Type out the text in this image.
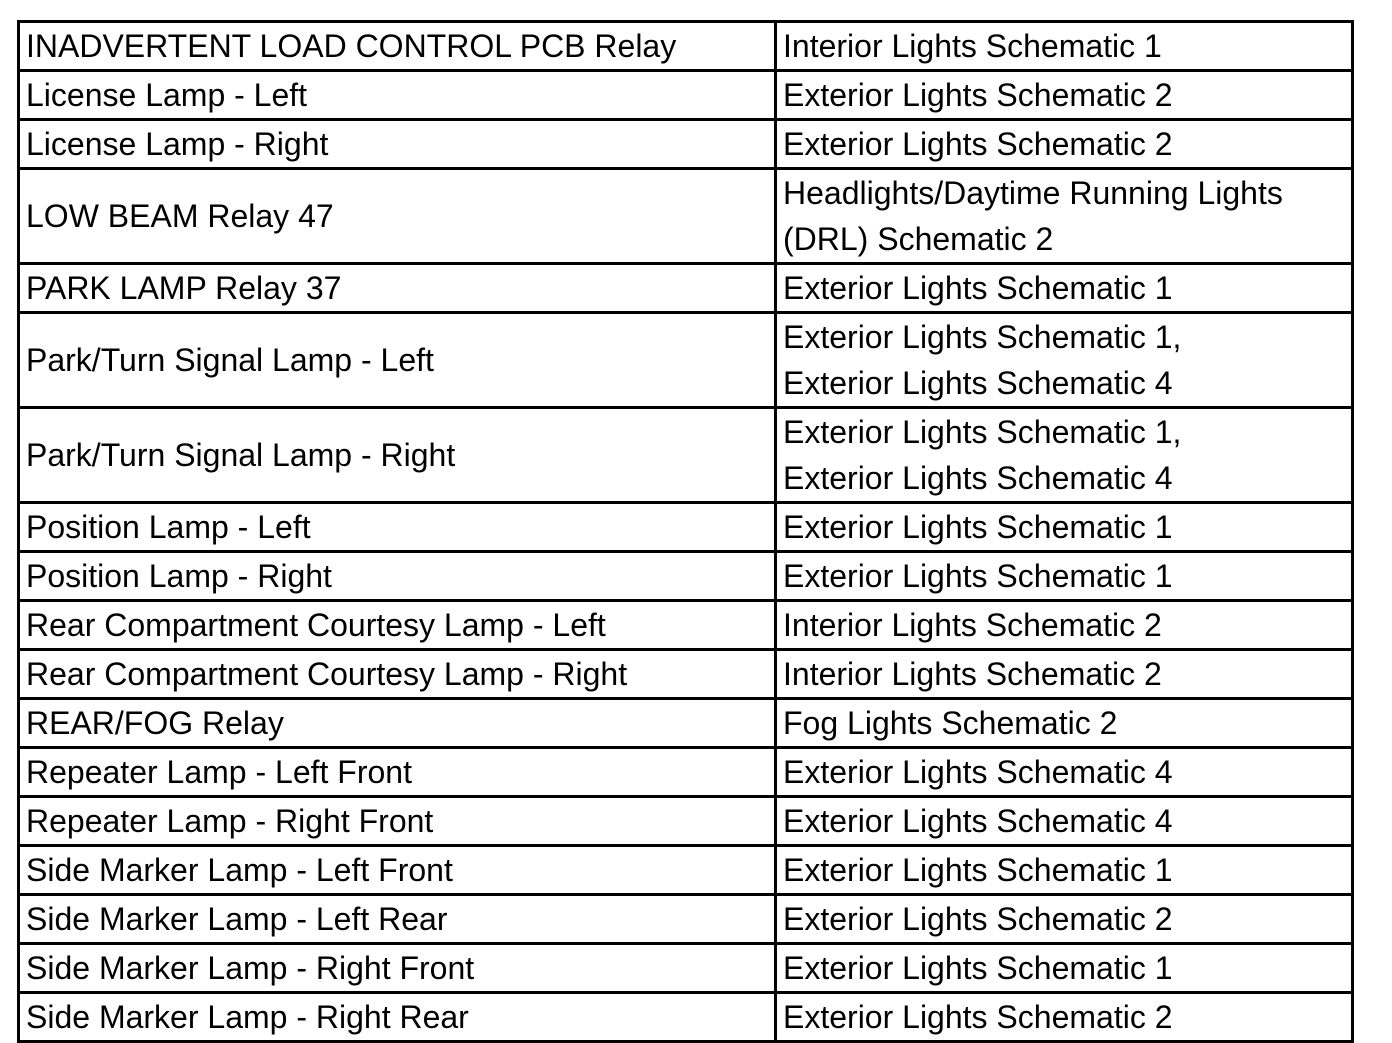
INADVERTENT LOAD CONTROL PCB Relay	Interior Lights Schematic 1

License Lamp - Left	Exterior Lights Schematic 2

License Lamp - Right	Exterior Lights Schematic 2

LOW BEAM Relay 47	Headlights/Daytime Running Lights
(DRL) Schematic 2

PARK LAMP Relay 37	Exterior Lights Schematic 1

Park/Turn Signal Lamp - Left	Exterior Lights Schematic 1,
Exterior Lights Schematic 4

Park/Turn Signal Lamp - Right	Exterior Lights Schematic 1,
Exterior Lights Schematic 4

Position Lamp - Left	Exterior Lights Schematic 1

Position Lamp - Right	Exterior Lights Schematic 1

Rear Compartment Courtesy Lamp - Left	Interior Lights Schematic 2

Rear Compartment Courtesy Lamp - Right	Interior Lights Schematic 2

REAR/FOG Relay	Fog Lights Schematic 2

Repeater Lamp - Left Front	Exterior Lights Schematic 4

Repeater Lamp - Right Front	Exterior Lights Schematic 4

Side Marker Lamp - Left Front	Exterior Lights Schematic 1

Side Marker Lamp - Left Rear	Exterior Lights Schematic 2

Side Marker Lamp - Right Front	Exterior Lights Schematic 1

Side Marker Lamp - Right Rear	Exterior Lights Schematic 2
